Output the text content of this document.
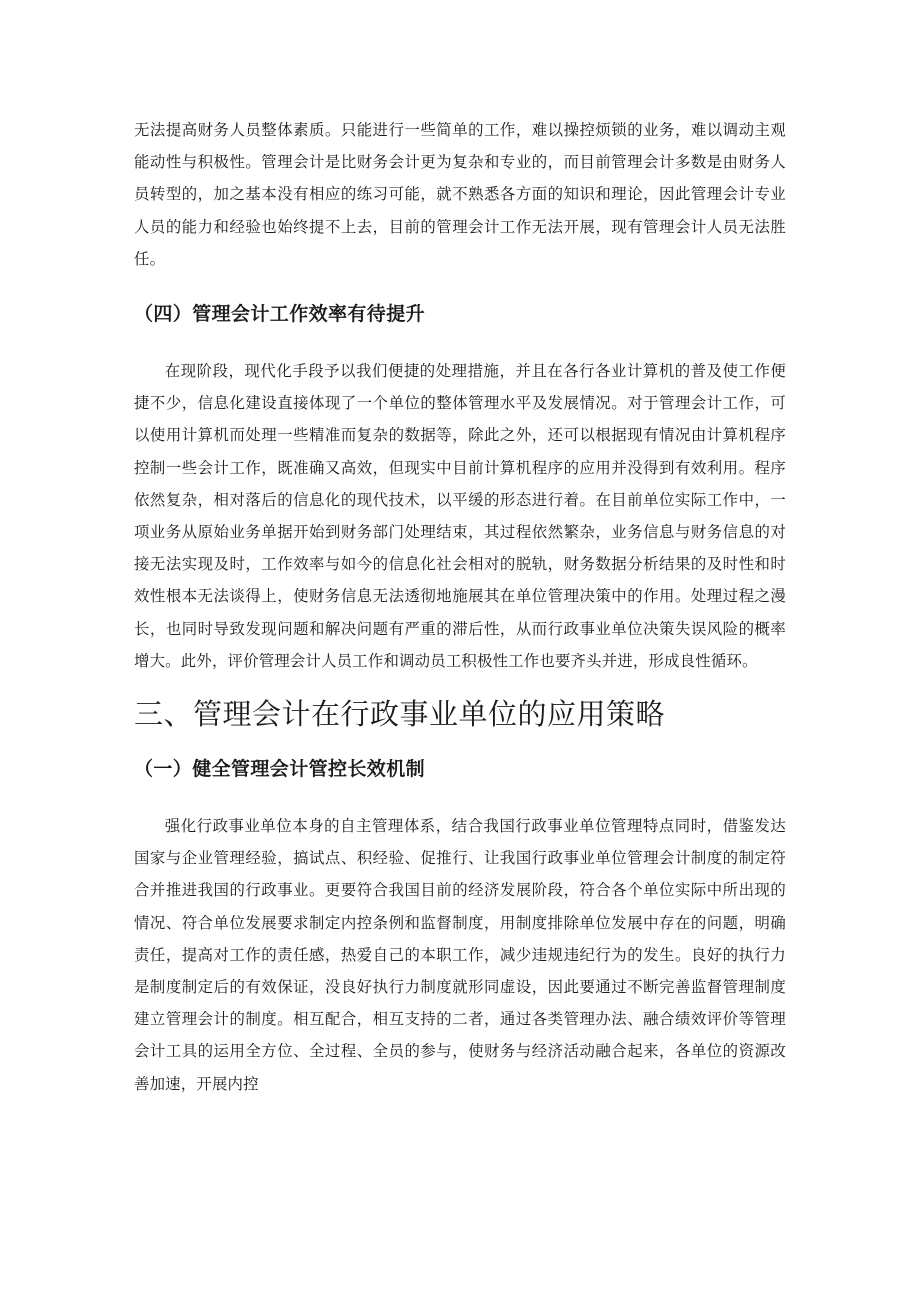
无法提高财务人员整体素质。只能进行一些简单的工作，难以操控烦锁的业务，难以调动主观能动性与积极性。管理会计是比财务会计更为复杂和专业的，而目前管理会计多数是由财务人员转型的，加之基本没有相应的练习可能，就不熟悉各方面的知识和理论，因此管理会计专业人员的能力和经验也始终提不上去，目前的管理会计工作无法开展，现有管理会计人员无法胜任。

（四）管理会计工作效率有待提升

在现阶段，现代化手段予以我们便捷的处理措施，并且在各行各业计算机的普及使工作便捷不少，信息化建设直接体现了一个单位的整体管理水平及发展情况。对于管理会计工作，可以使用计算机而处理一些精准而复杂的数据等，除此之外，还可以根据现有情况由计算机程序控制一些会计工作，既准确又高效，但现实中目前计算机程序的应用并没得到有效利用。程序依然复杂，相对落后的信息化的现代技术，以平缓的形态进行着。在目前单位实际工作中，一项业务从原始业务单据开始到财务部门处理结束，其过程依然繁杂，业务信息与财务信息的对接无法实现及时，工作效率与如今的信息化社会相对的脱轨，财务数据分析结果的及时性和时效性根本无法谈得上，使财务信息无法透彻地施展其在单位管理决策中的作用。处理过程之漫长，也同时导致发现问题和解决问题有严重的滞后性，从而行政事业单位决策失误风险的概率增大。此外，评价管理会计人员工作和调动员工积极性工作也要齐头并进，形成良性循环。

三、管理会计在行政事业单位的应用策略
（一）健全管理会计管控长效机制

强化行政事业单位本身的自主管理体系，结合我国行政事业单位管理特点同时，借鉴发达国家与企业管理经验，搞试点、积经验、促推行、让我国行政事业单位管理会计制度的制定符合并推进我国的行政事业。更要符合我国目前的经济发展阶段，符合各个单位实际中所出现的情况、符合单位发展要求制定内控条例和监督制度，用制度排除单位发展中存在的问题，明确责任，提高对工作的责任感，热爱自己的本职工作，减少违规违纪行为的发生。良好的执行力是制度制定后的有效保证，没良好执行力制度就形同虚设，因此要通过不断完善监督管理制度建立管理会计的制度。相互配合，相互支持的二者，通过各类管理办法、融合绩效评价等管理会计工具的运用全方位、全过程、全员的参与，使财务与经济活动融合起来，各单位的资源改善加速，开展内控
